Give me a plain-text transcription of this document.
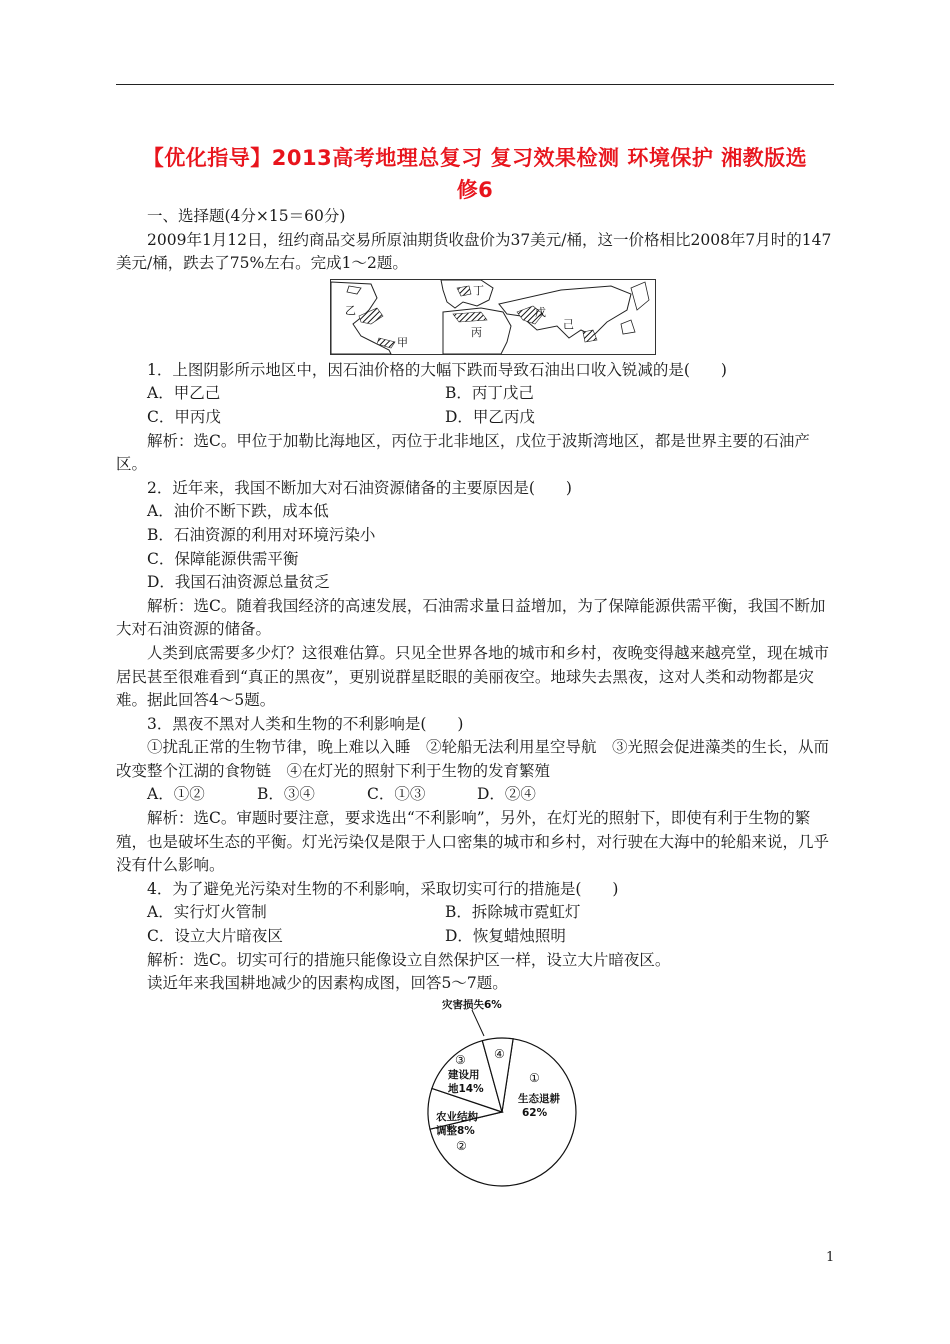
【优化指导】2013高考地理总复习 复习效果检测 环境保护 湘教版选
修6

一、选择题(4分×15＝60分)

2009年1月12日，纽约商品交易所原油期货收盘价为37美元/桶，这一价格相比2008年7月时的147美元/桶，跌去了75%左右。完成1～2题。

乙
甲
丁
丙
戊
己

1．上图阴影所示地区中，因石油价格的大幅下跌而导致石油出口收入锐减的是(　　)

A．甲乙己	B．丙丁戊己
C．甲丙戊	D．甲乙丙戊

解析：选C。甲位于加勒比海地区，丙位于北非地区，戊位于波斯湾地区，都是世界主要的石油产区。

2．近年来，我国不断加大对石油资源储备的主要原因是(　　)

A．油价不断下跌，成本低

B．石油资源的利用对环境污染小

C．保障能源供需平衡

D．我国石油资源总量贫乏

解析：选C。随着我国经济的高速发展，石油需求量日益增加，为了保障能源供需平衡，我国不断加大对石油资源的储备。

人类到底需要多少灯？这很难估算。只见全世界各地的城市和乡村，夜晚变得越来越亮堂，现在城市居民甚至很难看到“真正的黑夜”，更别说群星眨眼的美丽夜空。地球失去黑夜，这对人类和动物都是灾难。据此回答4～5题。

3．黑夜不黑对人类和生物的不利影响是(　　)

①扰乱正常的生物节律，晚上难以入睡　②轮船无法利用星空导航　③光照会促进藻类的生长，从而改变整个江湖的食物链　④在灯光的照射下利于生物的发育繁殖

A．①②	B．③④	C．①③	D．②④

解析：选C。审题时要注意，要求选出“不利影响”，另外，在灯光的照射下，即使有利于生物的繁殖，也是破坏生态的平衡。灯光污染仅是限于人口密集的城市和乡村，对行驶在大海中的轮船来说，几乎没有什么影响。

4．为了避免光污染对生物的不利影响，采取切实可行的措施是(　　)

A．实行灯火管制	B．拆除城市霓虹灯
C．设立大片暗夜区	D．恢复蜡烛照明

解析：选C。切实可行的措施只能像设立自然保护区一样，设立大片暗夜区。

读近年来我国耕地减少的因素构成图，回答5～7题。

灾害损失6%
①
生态退耕
62%
③
建设用
地14%
④
农业结构
调整8%
②
1
